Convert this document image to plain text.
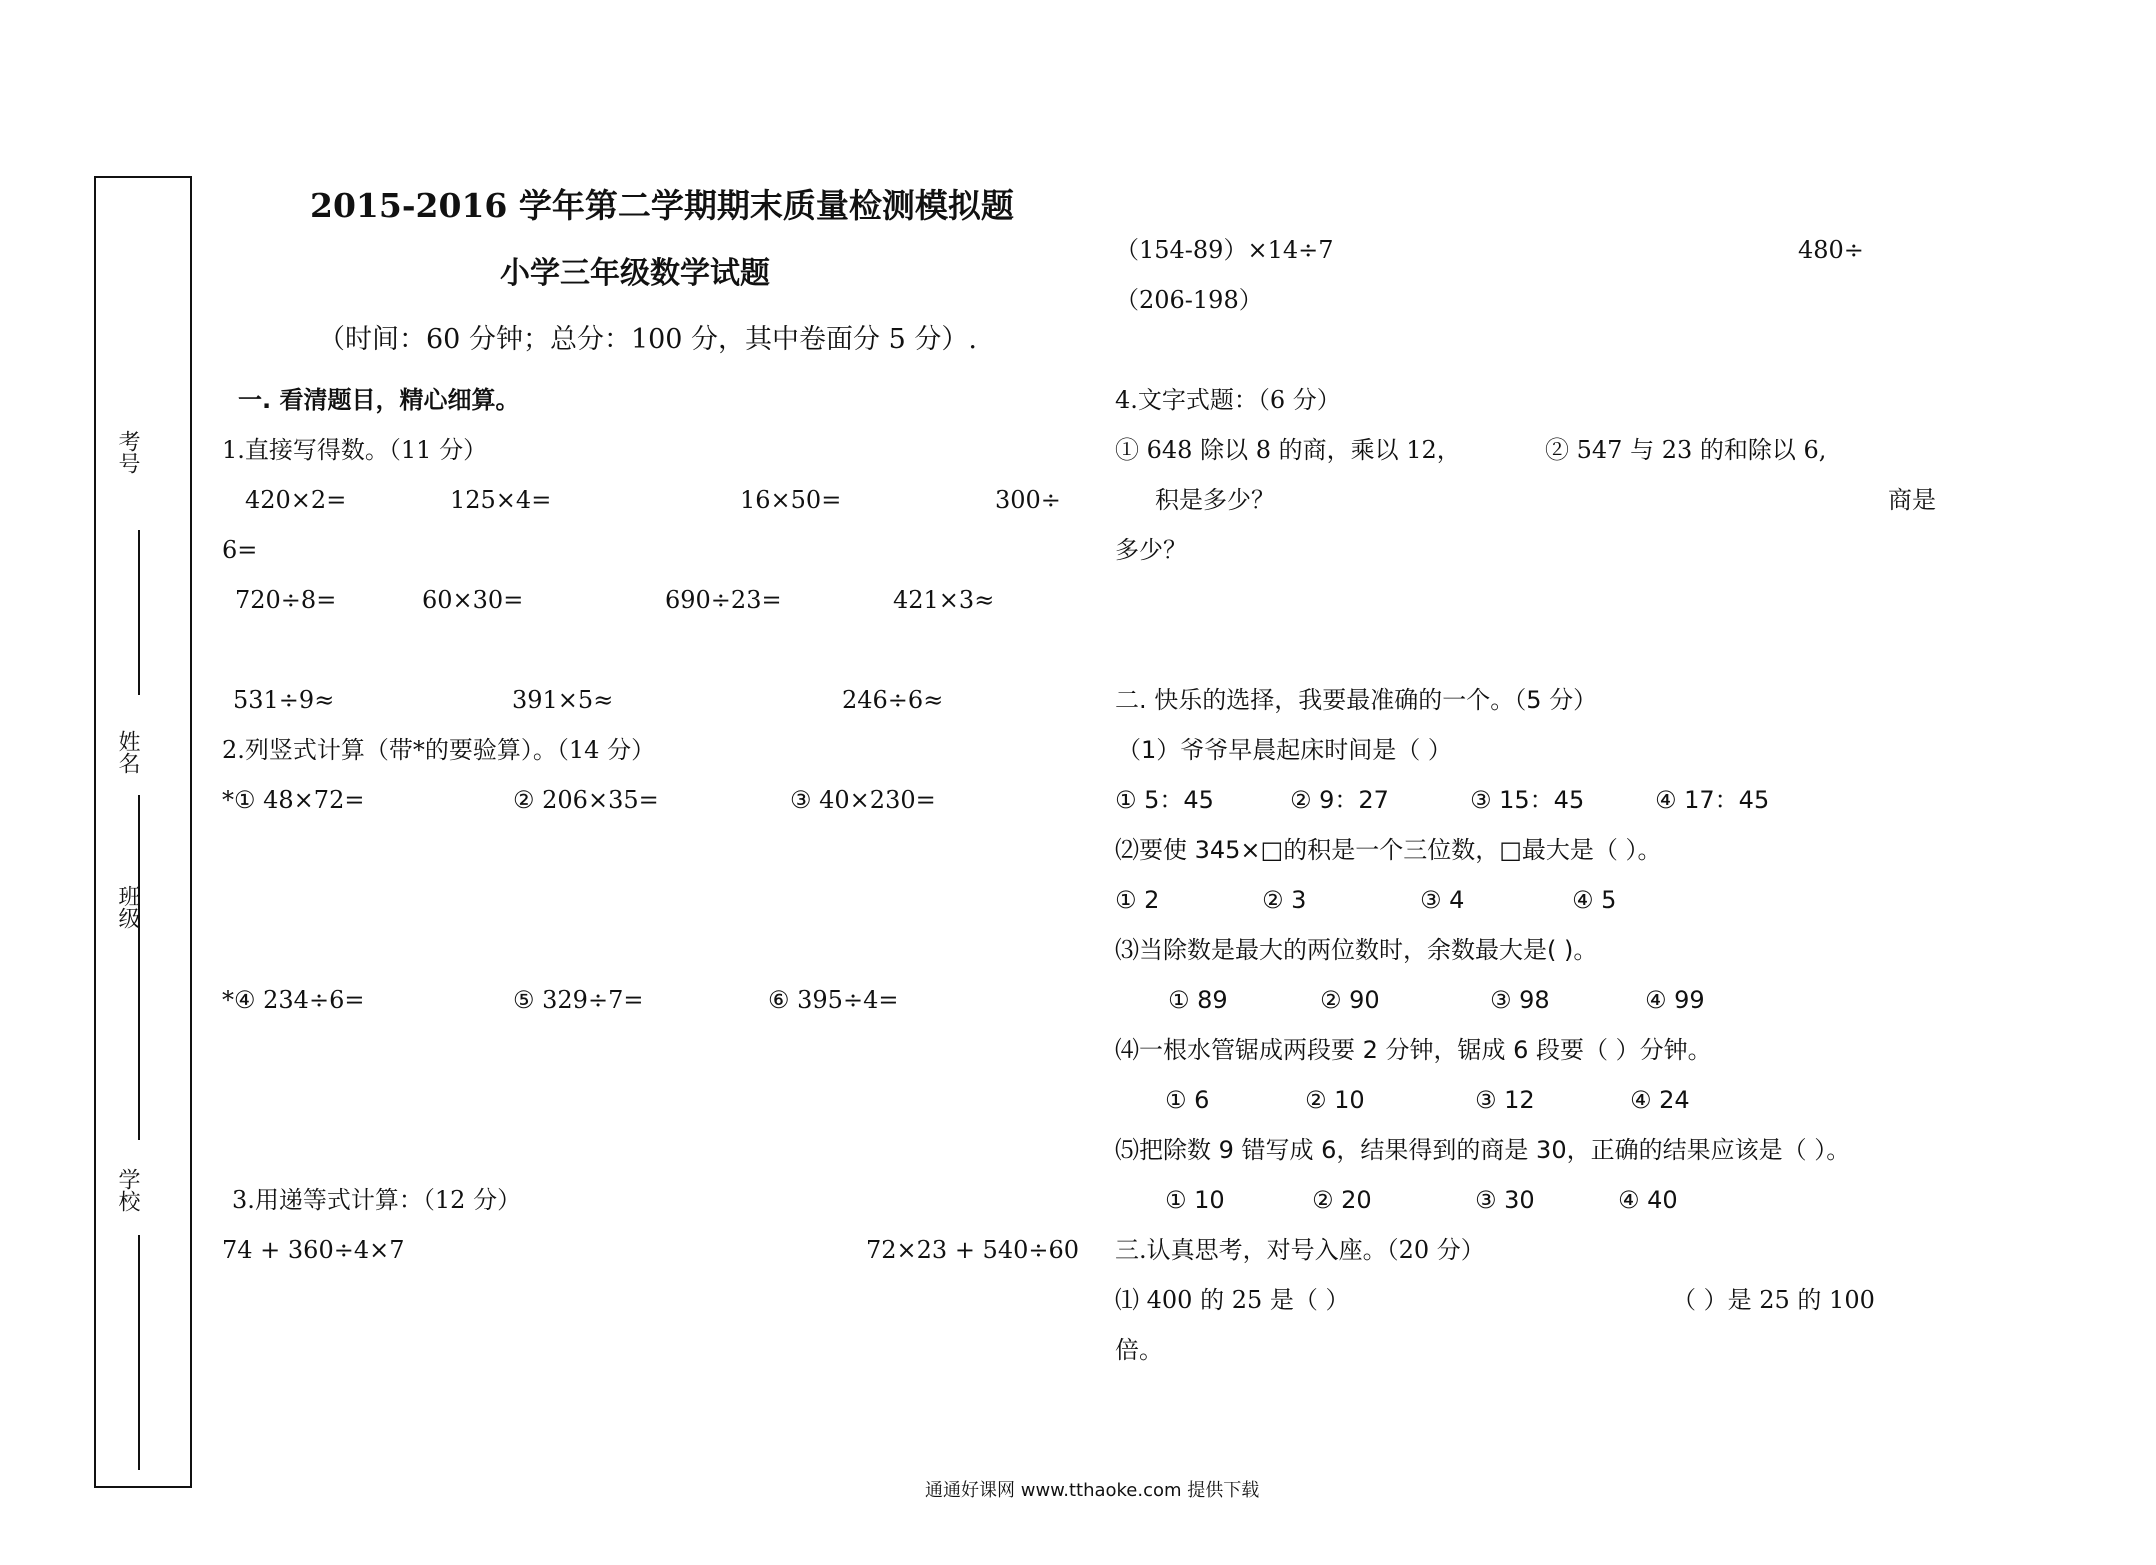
考号
姓名
班级
学校
2015-2016 学年第二学期期末质量检测模拟题
小学三年级数学试题
（时间：60 分钟；总分：100 分，其中卷面分 5 分）.
一. 看清题目，精心细算。
1.直接写得数。（11 分）
420×2=	125×4=	16×50=	300÷
6=
720÷8=	60×30=	690÷23=	421×3≈
531÷9≈	391×5≈	246÷6≈
2.列竖式计算（带*的要验算）。（14 分）
*① 48×72=	② 206×35=	③ 40×230=
*④ 234÷6=	⑤ 329÷7=	⑥ 395÷4=
3.用递等式计算：（12 分）
74 + 360÷4×7	72×23 + 540÷60
（154-89）×14÷7	480÷
（206-198）
4.文字式题：（6 分）
① 648 除以 8 的商，乘以 12，	② 547 与 23 的和除以 6,
积是多少？	商是
多少？
二. 快乐的选择，我要最准确的一个。（5 分）
（1）爷爷早晨起床时间是（ ）
① 5：45	② 9：27	③ 15：45	④ 17：45
⑵要使 345×□的积是一个三位数，□最大是（ ）。
① 2	② 3	③ 4	④ 5
⑶当除数是最大的两位数时，余数最大是( )。
① 89	② 90	③ 98	④ 99
⑷一根水管锯成两段要 2 分钟，锯成 6 段要（ ）分钟。
① 6	② 10	③ 12	④ 24
⑸把除数 9 错写成 6，结果得到的商是 30，正确的结果应该是（ ）。
① 10	② 20	③ 30	④ 40
三.认真思考，对号入座。（20 分）
⑴ 400 的 25 是（ ）	（ ）是 25 的 100
倍。
通通好课网 www.tthaoke.com 提供下载
